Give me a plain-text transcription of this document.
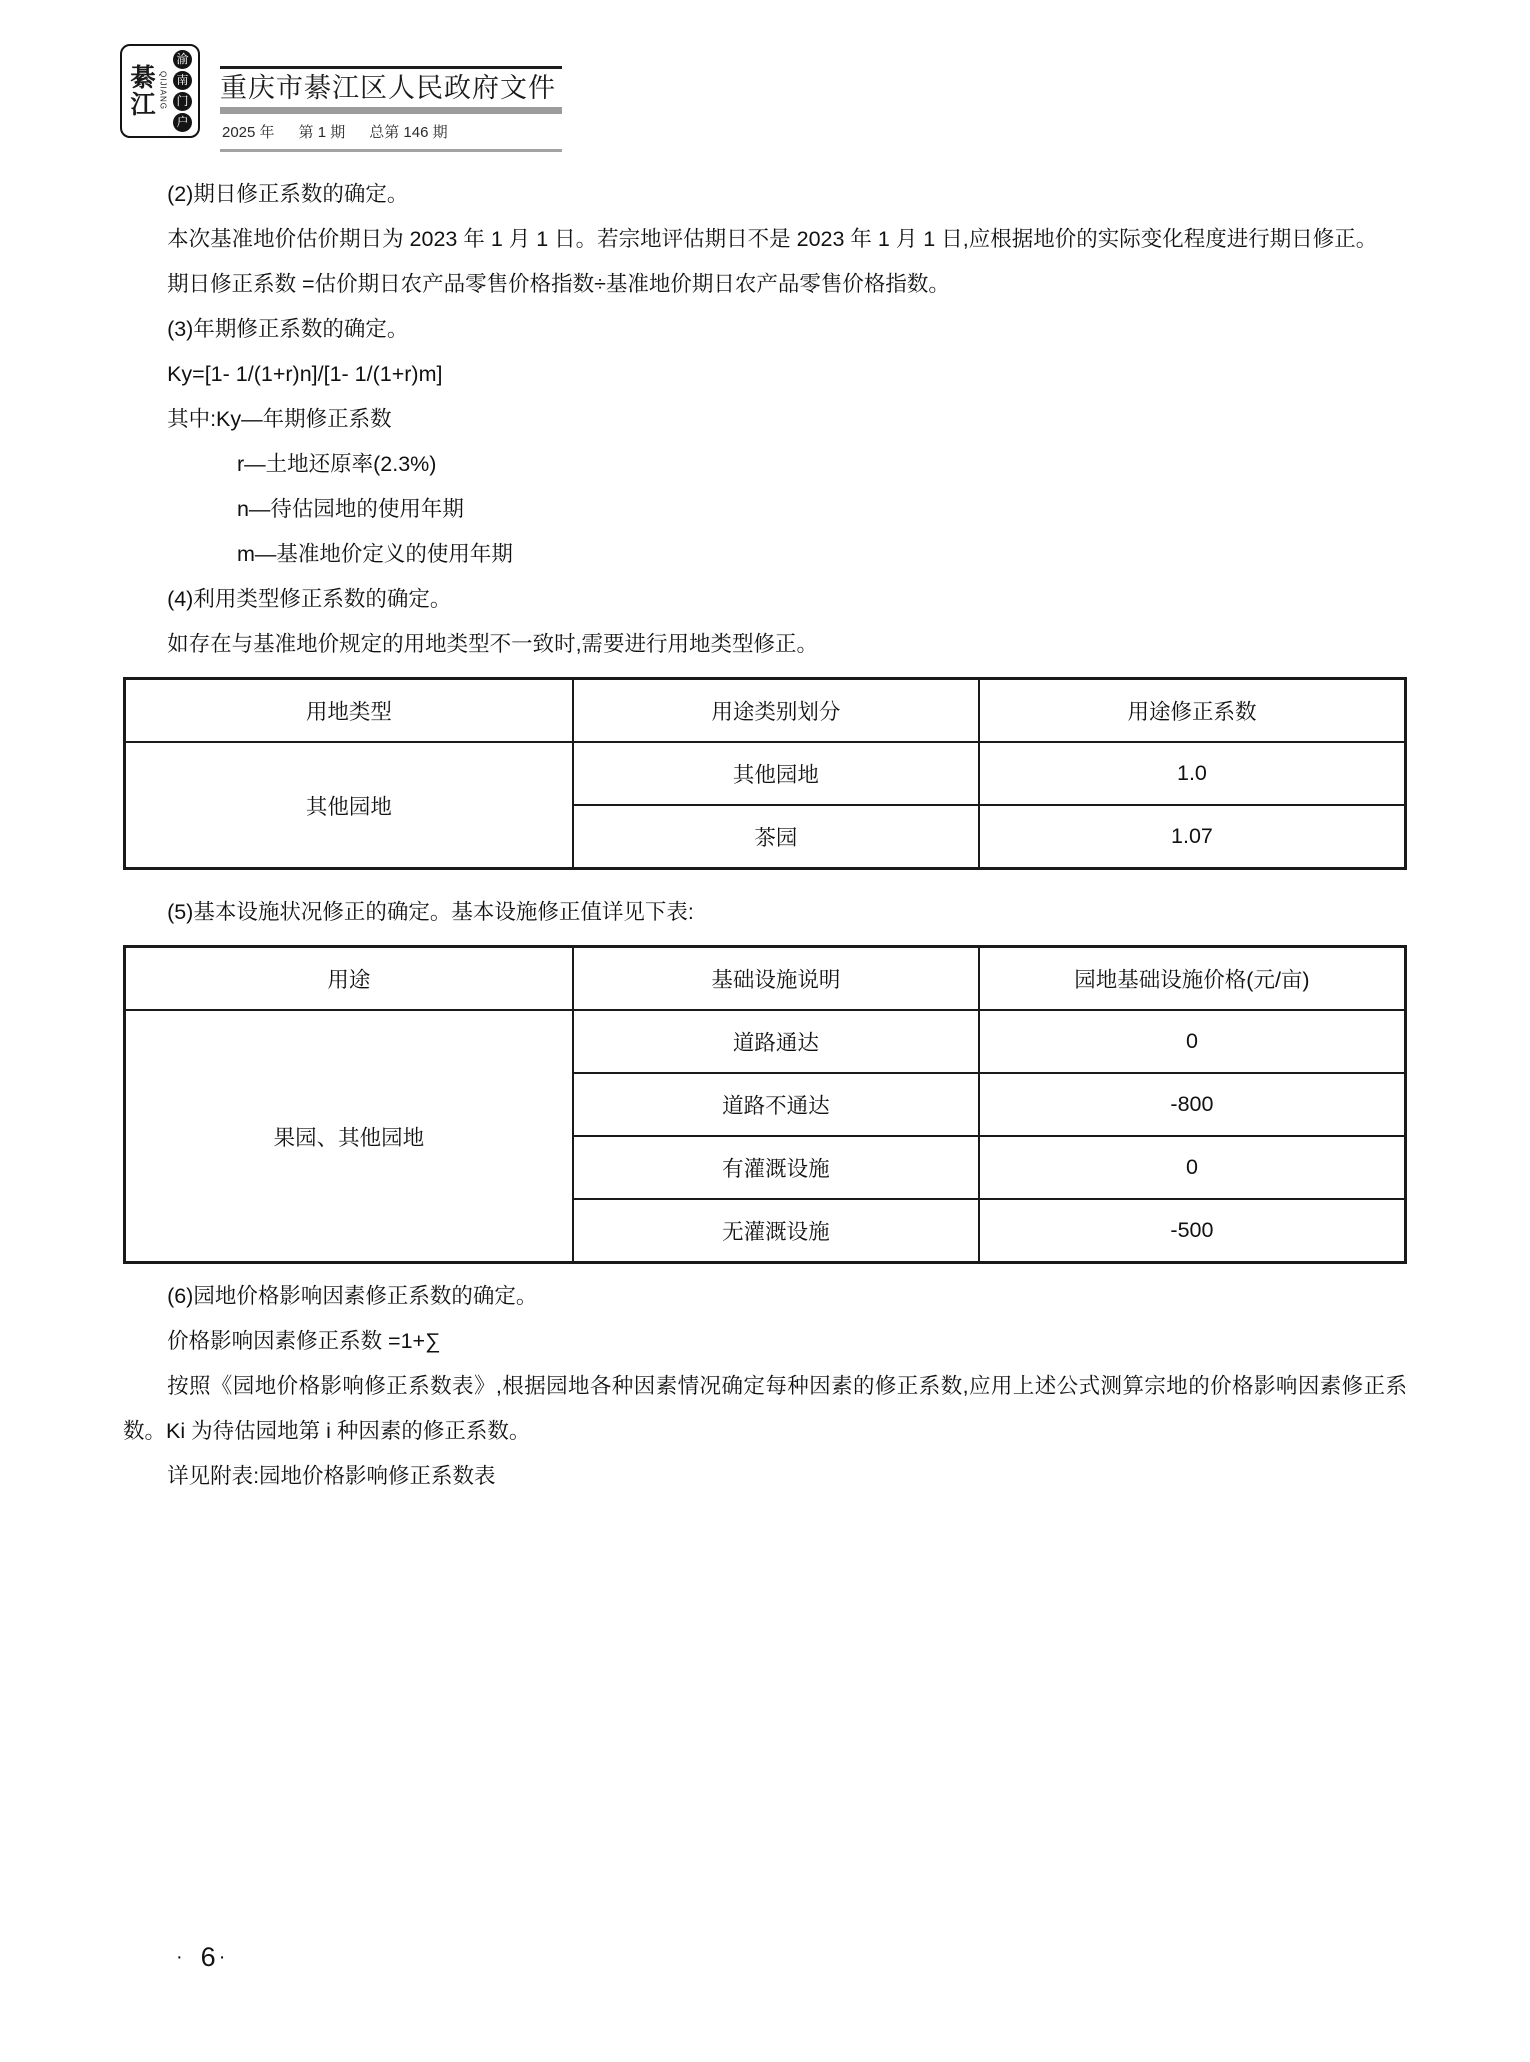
綦江 QIJIANG
渝
南
门
户
重庆市綦江区人民政府文件
2025 年 第 1 期 总第 146 期

(2)期日修正系数的确定。

本次基准地价估价期日为 2023 年 1 月 1 日。若宗地评估期日不是 2023 年 1 月 1 日,应根据地价的实际变化程度进行期日修正。

期日修正系数 =估价期日农产品零售价格指数÷基准地价期日农产品零售价格指数。

(3)年期修正系数的确定。

Ky=[1- 1/(1+r)n]/[1- 1/(1+r)m]

其中:Ky—年期修正系数

r—土地还原率(2.3%)

n—待估园地的使用年期

m—基准地价定义的使用年期

(4)利用类型修正系数的确定。

如存在与基准地价规定的用地类型不一致时,需要进行用地类型修正。

用地类型	用途类别划分	用途修正系数
其他园地	其他园地	1.0
	茶园	1.07

(5)基本设施状况修正的确定。基本设施修正值详见下表:

用途	基础设施说明	园地基础设施价格(元/亩)
果园、其他园地	道路通达	0
	道路不通达	-800
	有灌溉设施	0
	无灌溉设施	-500

(6)园地价格影响因素修正系数的确定。

价格影响因素修正系数 =1+∑

按照《园地价格影响修正系数表》,根据园地各种因素情况确定每种因素的修正系数,应用上述公式测算宗地的价格影响因素修正系数。Ki 为待估园地第 i 种因素的修正系数。

详见附表:园地价格影响修正系数表

· 6 ·
